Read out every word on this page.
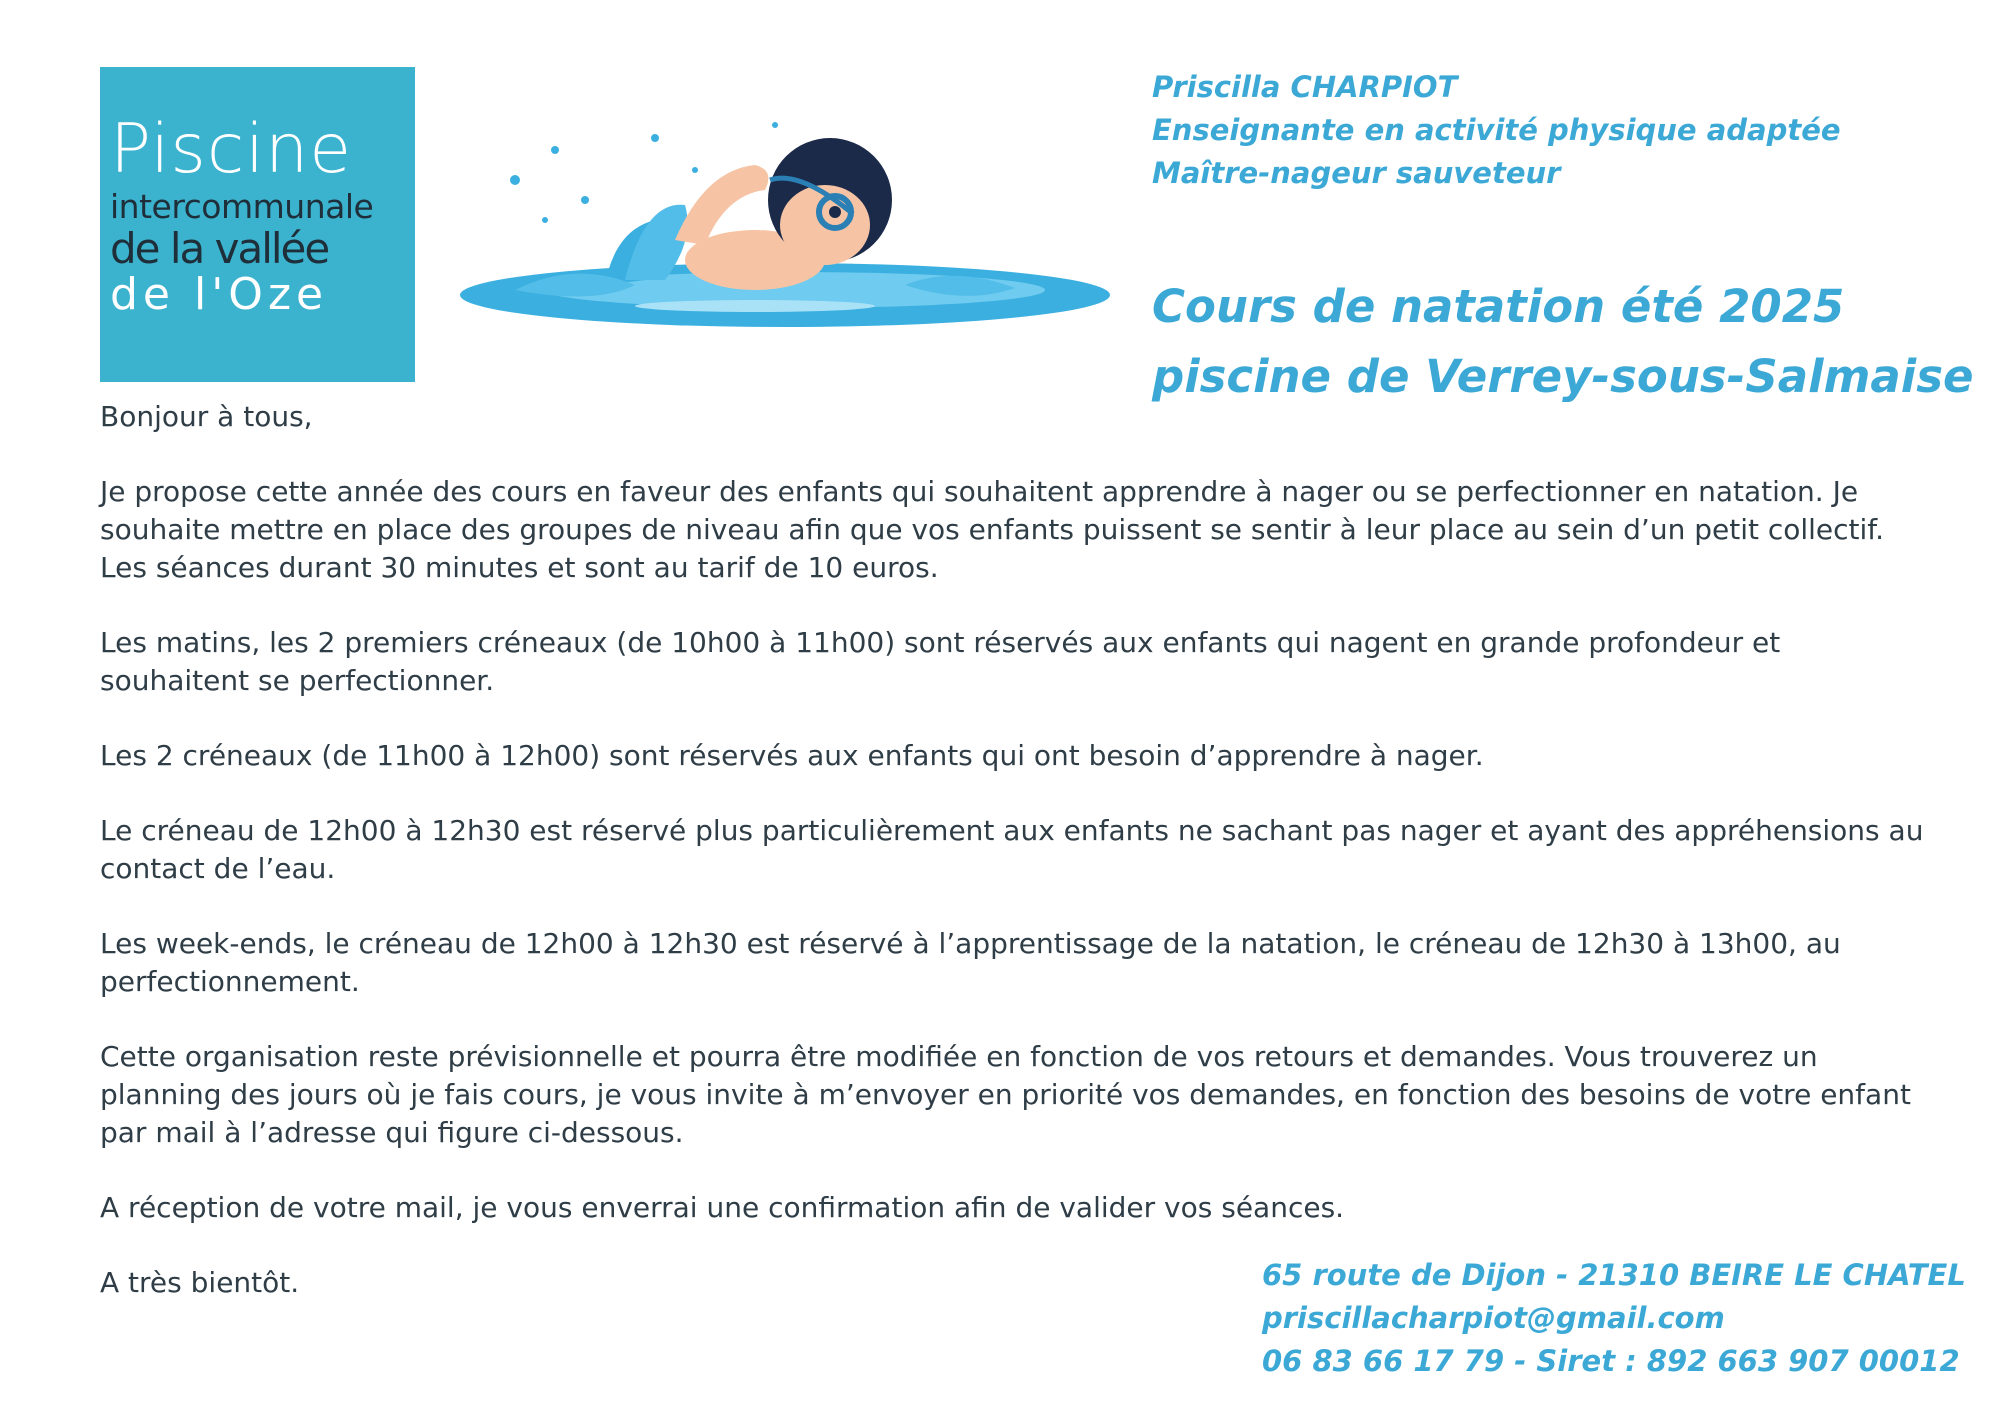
Piscine
intercommunale
de la vallée
de l'Oze
Priscilla CHARPIOT
Enseignante en activité physique adaptée
Maître-nageur sauveteur
Cours de natation été 2025
piscine de Verrey-sous-Salmaise

Bonjour à tous,

Je propose cette année des cours en faveur des enfants qui souhaitent apprendre à nager ou se perfectionner en natation. Je souhaite mettre en place des groupes de niveau afin que vos enfants puissent se sentir à leur place au sein d’un petit collectif. Les séances durant 30 minutes et sont au tarif de 10 euros.

Les matins, les 2 premiers créneaux (de 10h00 à 11h00) sont réservés aux enfants qui nagent en grande profondeur et souhaitent se perfectionner.

Les 2 créneaux (de 11h00 à 12h00) sont réservés aux enfants qui ont besoin d’apprendre à nager.

Le créneau de 12h00 à 12h30 est réservé plus particulièrement aux enfants ne sachant pas nager et ayant des appréhensions au contact de l’eau.

Les week-ends, le créneau de 12h00 à 12h30 est réservé à l’apprentissage de la natation, le créneau de 12h30 à 13h00, au perfectionnement.

Cette organisation reste prévisionnelle et pourra être modifiée en fonction de vos retours et demandes. Vous trouverez un planning des jours où je fais cours, je vous invite à m’envoyer en priorité vos demandes, en fonction des besoins de votre enfant par mail à l’adresse qui figure ci-dessous.

A réception de votre mail, je vous enverrai une confirmation afin de valider vos séances.

A très bientôt.	65 route de Dijon - 21310 BEIRE LE CHATEL
priscillacharpiot@gmail.com
06 83 66 17 79 - Siret : 892 663 907 00012
